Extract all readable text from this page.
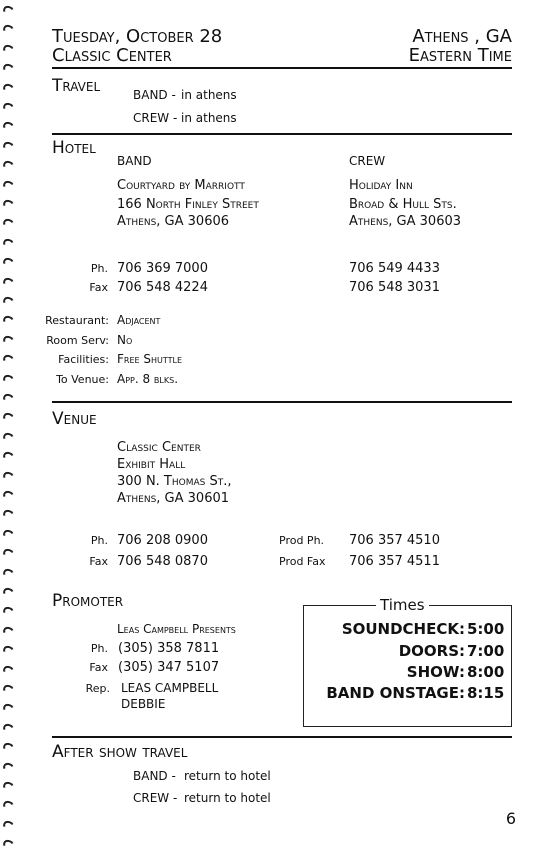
Tuesday, October 28
Classic Center
Athens , GA
Eastern Time
Travel	BAND - in athens
CREW - in athens
Hotel
BAND
Courtyard by Marriott
166 North Finley Street
Athens, GA 30606
CREW
Holiday Inn
Broad & Hull Sts.
Athens, GA 30603
Ph. 706 369 7000	706 549 4433
Fax 706 548 4224	706 548 3031
Restaurant: Adjacent
Room Serv: No
Facilities: Free Shuttle
To Venue: App. 8 blks.
Venue
Classic Center
Exhibit Hall
300 N. Thomas St.,
Athens, GA 30601
Ph. 706 208 0900	Prod Ph. 706 357 4510
Fax 706 548 0870	Prod Fax 706 357 4511
Promoter
Leas Campbell Presents
Ph. (305) 358 7811
Fax (305) 347 5107
Rep. LEAS CAMPBELL
DEBBIE
Times
SOUNDCHECK: 5:00
DOORS: 7:00
SHOW: 8:00
BAND ONSTAGE: 8:15
After show travel
BAND - return to hotel
CREW - return to hotel
6
